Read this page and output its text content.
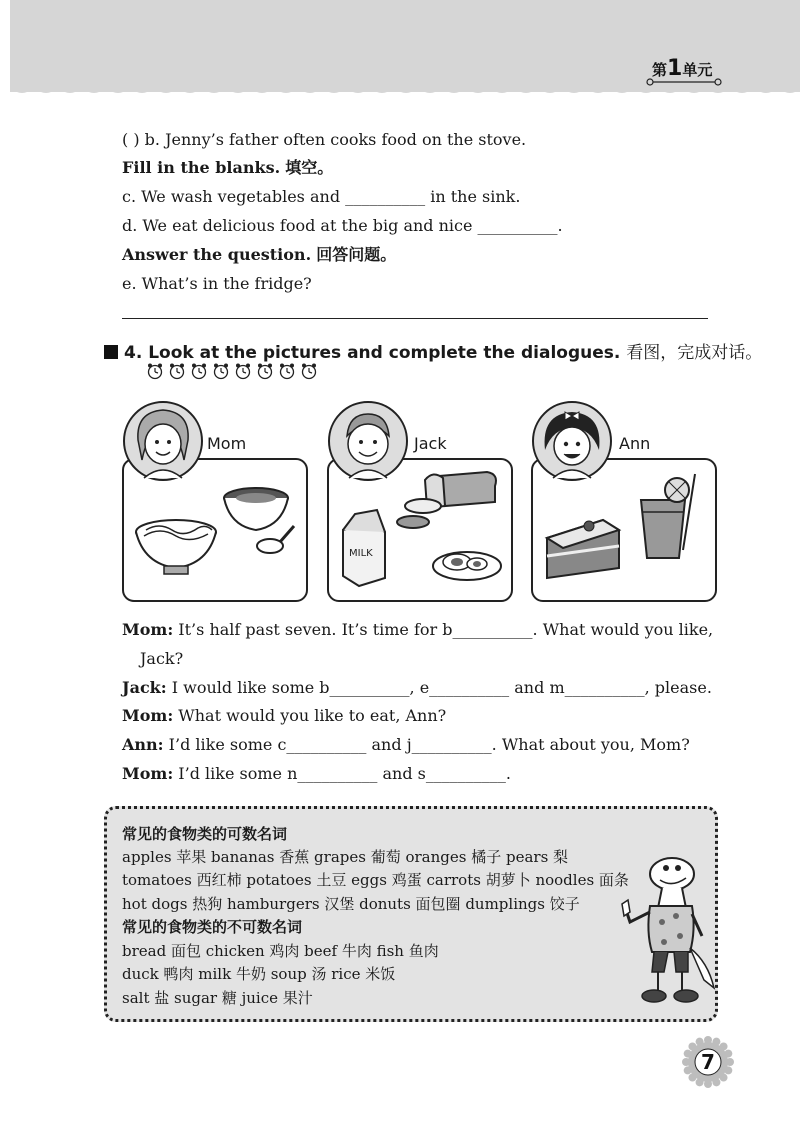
第1单元
( ) b. Jenny’s father often cooks food on the stove.
Fill in the blanks. 填空。
c. We wash vegetables and __________ in the sink.
d. We eat delicious food at the big and nice __________.
Answer the question. 回答问题。
e. What’s in the fridge?
4. Look at the pictures and complete the dialogues. 看图，完成对话。
MILK
Mom	Jack	Ann
Mom: It’s half past seven. It’s time for b__________. What would you like,
Jack?
Jack: I would like some b__________, e__________ and m__________, please.
Mom: What would you like to eat, Ann?
Ann: I’d like some c__________ and j__________. What about you, Mom?
Mom: I’d like some n__________ and s__________.
常见的食物类的可数名词
apples 苹果 bananas 香蕉 grapes 葡萄 oranges 橘子 pears 梨
tomatoes 西红柿 potatoes 土豆 eggs 鸡蛋 carrots 胡萝卜 noodles 面条
hot dogs 热狗 hamburgers 汉堡 donuts 面包圈 dumplings 饺子
常见的食物类的不可数名词
bread 面包 chicken 鸡肉 beef 牛肉 fish 鱼肉
duck 鸭肉 milk 牛奶 soup 汤 rice 米饭
salt 盐 sugar 糖 juice 果汁
7
